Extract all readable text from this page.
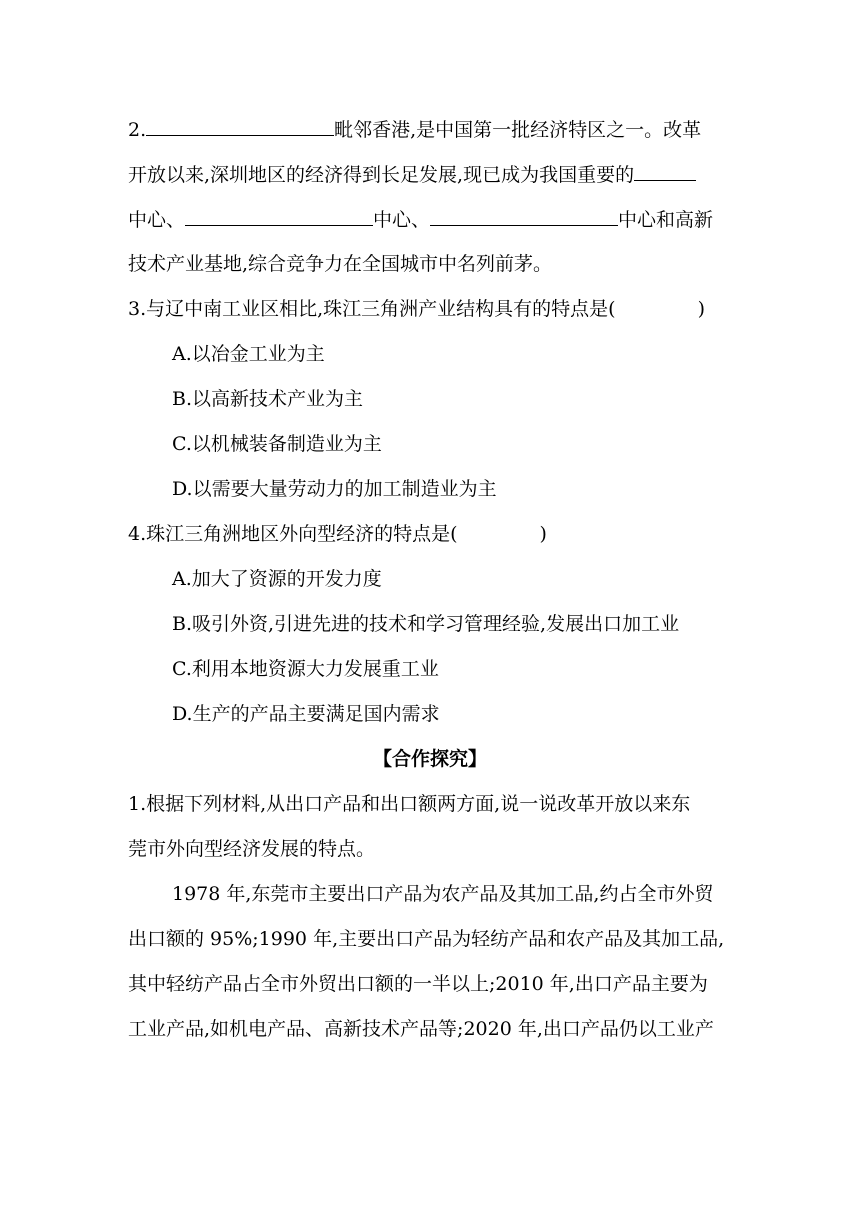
2.	毗邻香港,是中国第一批经济特区之一。改革
开放以来,深圳地区的经济得到长足发展,现已成为我国重要的
中心、	中心、	中心和高新
技术产业基地,综合竞争力在全国城市中名列前茅。
3.与辽中南工业区相比,珠江三角洲产业结构具有的特点是(	)
A.以冶金工业为主
B.以高新技术产业为主
C.以机械装备制造业为主
D.以需要大量劳动力的加工制造业为主
4.珠江三角洲地区外向型经济的特点是(	)
A.加大了资源的开发力度
B.吸引外资,引进先进的技术和学习管理经验,发展出口加工业
C.利用本地资源大力发展重工业
D.生产的产品主要满足国内需求
【合作探究】
1.根据下列材料,从出口产品和出口额两方面,说一说改革开放以来东
莞市外向型经济发展的特点。
1978 年,东莞市主要出口产品为农产品及其加工品,约占全市外贸
出口额的 95%;1990 年,主要出口产品为轻纺产品和农产品及其加工品,
其中轻纺产品占全市外贸出口额的一半以上;2010 年,出口产品主要为
工业产品,如机电产品、高新技术产品等;2020 年,出口产品仍以工业产
